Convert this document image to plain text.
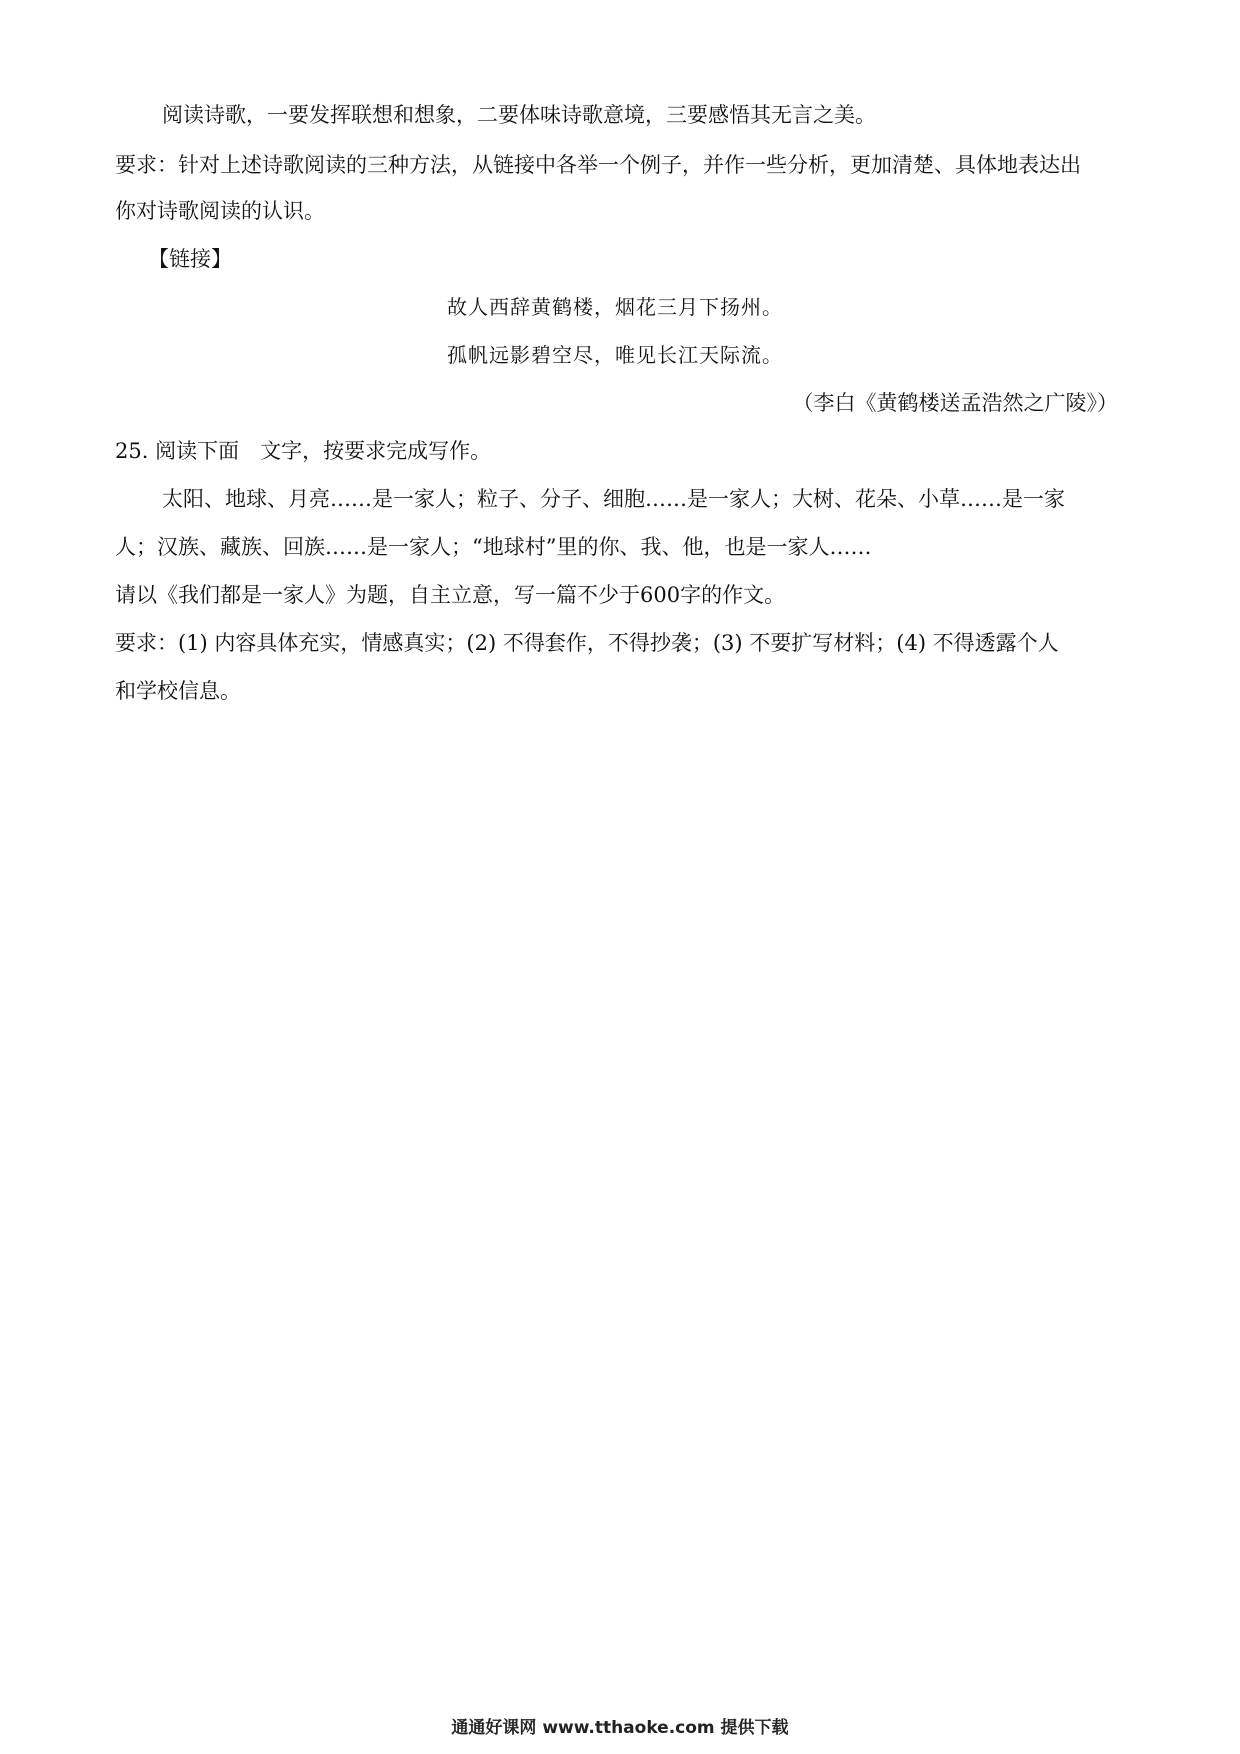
阅读诗歌，一要发挥联想和想象，二要体味诗歌意境，三要感悟其无言之美。
要求：针对上述诗歌阅读的三种方法，从链接中各举一个例子，并作一些分析，更加清楚、具体地表达出
你对诗歌阅读的认识。
【链接】
故人西辞黄鹤楼，烟花三月下扬州。
孤帆远影碧空尽，唯见长江天际流。
（李白《黄鹤楼送孟浩然之广陵》）
25. 阅读下面　文字，按要求完成写作。
太阳、地球、月亮……是一家人；粒子、分子、细胞……是一家人；大树、花朵、小草……是一家
人；汉族、藏族、回族……是一家人；“地球村”里的你、我、他，也是一家人……
请以《我们都是一家人》为题，自主立意，写一篇不少于600字的作文。
要求：(1) 内容具体充实，情感真实；(2) 不得套作，不得抄袭；(3) 不要扩写材料；(4) 不得透露个人
和学校信息。
通通好课网 www.tthaoke.com 提供下载
